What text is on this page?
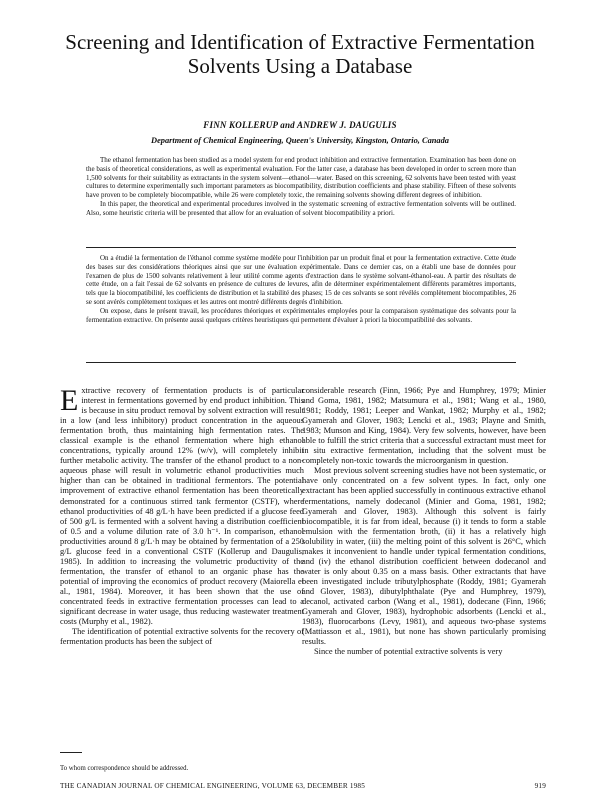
Screening and Identification of Extractive Fermentation
Solvents Using a Database
FINN KOLLERUP and ANDREW J. DAUGULIS
Department of Chemical Engineering, Queen's University, Kingston, Ontario, Canada

The ethanol fermentation has been studied as a model system for end product inhibition and extractive fermentation. Examination has been done on the basis of theoretical considerations, as well as experimental evaluation. For the latter case, a database has been developed in order to screen more than 1,500 solvents for their suitability as extractants in the system solvent—ethanol—water. Based on this screening, 62 solvents have been tested with yeast cultures to determine experimentally such important parameters as biocompatibility, distribution coefficients and phase stability. Fifteen of these solvents have proven to be completely biocompatible, while 26 were completely toxic, the remaining solvents showing different degrees of inhibition.

In this paper, the theoretical and experimental procedures involved in the systematic screening of extractive fermentation solvents will be outlined. Also, some heuristic criteria will be presented that allow for an evaluation of solvent biocompatibility a priori.

On a étudié la fermentation de l'éthanol comme système modèle pour l'inhibition par un produit final et pour la fermentation extractive. Cette étude des bases sur des considérations théoriques ainsi que sur une évaluation expérimentale. Dans ce dernier cas, on a établi une base de données pour l'examen de plus de 1500 solvants relativement à leur utilité comme agents d'extraction dans le système solvant-éthanol-eau. A partir des résultats de cette étude, on a fait l'essai de 62 solvants en présence de cultures de levures, afin de déterminer expérimentalement différents paramètres importants, tels que la biocompatibilité, les coefficients de distribution et la stabilité des phases; 15 de ces solvants se sont révélés complètement biocompatibles, 26 se sont avérés complètement toxiques et les autres ont montré différents degrés d'inhibition.

On expose, dans le présent travail, les procédures théoriques et expérimentales employées pour la comparaison systématique des solvants pour la fermentation extractive. On présente aussi quelques critères heuristiques qui permettent d'évaluer à priori la biocompatibilité des solvants.

Extractive recovery of fermentation products is of particular interest in fermentations governed by end product inhibition. This is because in situ product removal by solvent extraction will result in a low (and less inhibitory) product concentration in the aqueous fermentation broth, thus maintaining high fermentation rates. The classical example is the ethanol fermentation where high ethanol concentrations, typically around 12% (w/v), will completely inhibit further metabolic activity. The transfer of the ethanol product to a non-aqueous phase will result in volumetric ethanol productivities much higher than can be obtained in traditional fermentors. The potential improvement of extractive ethanol fermentation has been theoretically demonstrated for a continuous stirred tank fermentor (CSTF), where ethanol productivities of 48 g/L·h have been predicted if a glucose feed of 500 g/L is fermented with a solvent having a distribution coefficient of 0.5 and a volume dilution rate of 3.0 h⁻¹. In comparison, ethanol productivities around 8 g/L·h may be obtained by fermentation of a 250 g/L glucose feed in a conventional CSTF (Kollerup and Daugulis, 1985). In addition to increasing the volumetric productivity of the fermentation, the transfer of ethanol to an organic phase has the potential of improving the economics of product recovery (Maiorella et al., 1981, 1984). Moreover, it has been shown that the use of concentrated feeds in extractive fermentation processes can lead to a significant decrease in water usage, thus reducing wastewater treatment costs (Murphy et al., 1982).

The identification of potential extractive solvents for the recovery of fermentation products has been the subject of

considerable research (Finn, 1966; Pye and Humphrey, 1979; Minier and Goma, 1981, 1982; Matsumura et al., 1981; Wang et al., 1980, 1981; Roddy, 1981; Leeper and Wankat, 1982; Murphy et al., 1982; Gyamerah and Glover, 1983; Lencki et al., 1983; Playne and Smith, 1983; Munson and King, 1984). Very few solvents, however, have been able to fulfill the strict criteria that a successful extractant must meet for in situ extractive fermentation, including that the solvent must be completely non-toxic towards the microorganism in question.

Most previous solvent screening studies have not been systematic, or have only concentrated on a few solvent types. In fact, only one extractant has been applied successfully in continuous extractive ethanol fermentations, namely dodecanol (Minier and Goma, 1981, 1982; Gyamerah and Glover, 1983). Although this solvent is fairly biocompatible, it is far from ideal, because (i) it tends to form a stable emulsion with the fermentation broth, (ii) it has a relatively high solubility in water, (iii) the melting point of this solvent is 26°C, which makes it inconvenient to handle under typical fermentation conditions, and (iv) the ethanol distribution coefficient between dodecanol and water is only about 0.35 on a mass basis. Other extractants that have been investigated include tributylphosphate (Roddy, 1981; Gyamerah and Glover, 1983), dibutylphthalate (Pye and Humphrey, 1979), decanol, activated carbon (Wang et al., 1981), dodecane (Finn, 1966; Gyamerah and Glover, 1983), hydrophobic adsorbents (Lencki et al., 1983), fluorocarbons (Levy, 1981), and aqueous two-phase systems (Mattiasson et al., 1981), but none has shown particularly promising results.

Since the number of potential extractive solvents is very

To whom correspondence should be addressed.
THE CANADIAN JOURNAL OF CHEMICAL ENGINEERING, VOLUME 63, DECEMBER 1985	919
